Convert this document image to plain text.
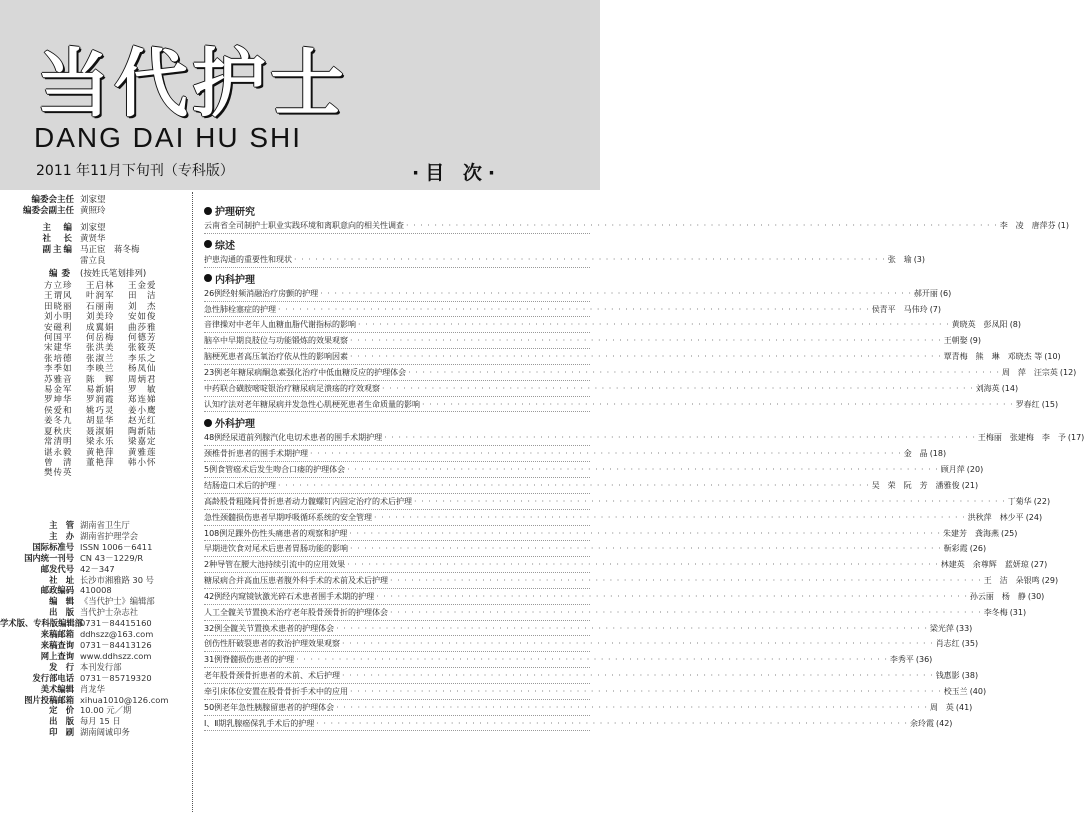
当代护士
DANG DAI HU SHI
2011 年11月下旬刊（专科版）	·目 次·
编委会主任 刘家望
编委会副主任 黄照玲
主　编 刘家望
社　长 黄贤华
副主编 马正宦　蒋冬梅
雷立良
编委 (按姓氏笔划排列)
方立珍	王启林	王金爱
王谓风	叶润军	田　洁
田晓丽	石丽南	刘　杰
刘小明	刘美玲	安如俊
安磁利	成翼娟	曲莎雅
何国平	何岳梅	何德芳
宋建华	张洪美	张筱英
张培德	张淑兰	李乐之
李季如	李映兰	杨凤仙
苏雅音	陈　辉	周炳君
易金军	易新娟	罗　敏
罗坤华	罗润霞	郑连娣
侯爱和	姚巧灵	姜小鹰
姜冬九	胡显华	赵光红
夏秋庆	聂淑娟	陶新陆
常清明	梁永乐	梁嘉定
谌永毅	黄艳萍	黄雅莲
曾　清	董艳萍	韩小怀
樊传英
主　管 湖南省卫生厅
主　办 湖南省护理学会
国际标准号 ISSN 1006－6411
国内统一刊号 CN 43－1229/R
邮发代号 42－347
社　址 长沙市湘雅路 30 号
邮政编码 410008
编　辑 《当代护士》编辑部
出　版 当代护士杂志社
学术版、专科版编辑部
0731－84415160
来稿邮箱 ddhszz@163.com
来稿查询 0731－84413126
网上查询 www.ddhszz.com
发　行 本刊发行部
发行部电话 0731－85719320
美术编辑 肖龙华
图片投稿邮箱 xihua1010@126.com
定　价 10.00 元／期
出　版 每月 15 日
印　刷 湖南阔诚印务
护理研究
云南省全司制护士职业实践环境和离职意向的相关性调查 · · ·	李　凌　唐萍芬 (1)
综述
护患沟通的重要性和现状 · · ·	张　瑜 (3)
内科护理
26例经射频消融治疗房颤的护理 · · ·	郝开丽 (6)
急性肺栓塞症的护理 · · ·	侯青平　马伟玲 (7)
音律操对中老年人血糖血脂代谢指标的影响 · · ·	黄晓英　彭凤阳 (8)
脑卒中早期良肢位与功能锻炼的效果观察 · · ·	王朝娶 (9)
脑梗死患者高压氧治疗依从性的影响因素 · · ·	覃青梅　熊　琳　邓晓杰 等 (10)
23例老年糖尿病酮急素强化治疗中低血糖反应的护理体会 · · ·	周　萍　汪宗英 (12)
中药联合磺胺嘧啶银治疗糖尿病足溃疡的疗效观察 · · ·	刘海英 (14)
认知疗法对老年糖尿病并发急性心肌梗死患者生命质量的影响 · · ·	罗春红 (15)
外科护理
48例经尿道前列腺汽化电切术患者的围手术期护理 · · ·	王梅丽　张建梅　李　予 (17)
颈椎骨折患者的围手术期护理 · · ·	金　晶 (18)
5例食管癌术后发生吻合口瘘的护理体会 · · ·	顾月萍 (20)
结肠造口术后的护理 · · ·	吴　荣　阮　芳　潘雅俊 (21)
高龄股骨粗隆间骨折患者动力髋螺钉内固定治疗的术后护理 · · ·	丁菊华 (22)
急性颈髓损伤患者早期呼吸循环系统的安全管理 · · ·	洪秋萍　林少平 (24)
108例足踝外伤性头痛患者的观察和护理 · · ·	朱建芳　龚海燕 (25)
早期进饮食对尾术后患者胃肠功能的影响 · · ·	靳彩霞 (26)
2种导管在腰大池持续引流中的应用效果 · · ·	林建英　余尊辉　蓝妍琼 (27)
糖尿病合并高血压患者腹外科手术的术前及术后护理 · · ·	王　洁　朵银鸣 (29)
42例经内窥镜钬激光碎石术患者围手术期的护理 · · ·	孙云丽　杨　静 (30)
人工全髋关节置换术治疗老年股骨颈骨折的护理体会 · · ·	李冬梅 (31)
32例全髋关节置换术患者的护理体会 · · ·	梁光萍 (33)
创伤性肝破裂患者的救治护理效果观察 · · ·	肖志红 (35)
31例脊髓损伤患者的护理 · · ·	李秀平 (36)
老年股骨颈骨折患者的术前、术后护理 · · ·	钱惠影 (38)
牵引床体位安置在股骨骨折手术中的应用 · · ·	校玉兰 (40)
50例老年急性胰腺留患者的护理体会 · · ·	周　英 (41)
Ⅰ、Ⅱ期乳腺癌保乳手术后的护理 · · ·	余玲霞 (42)
